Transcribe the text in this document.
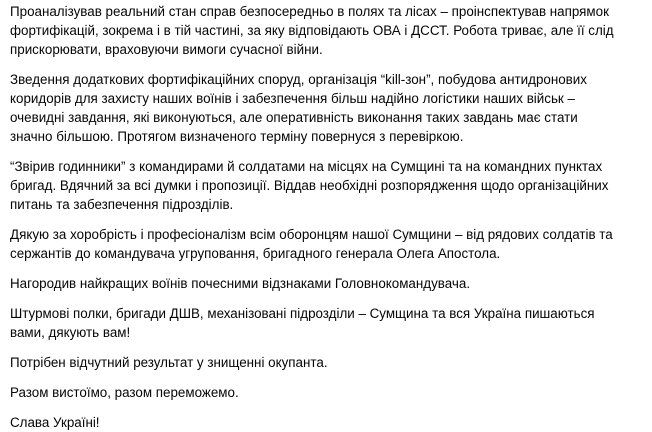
Проаналізував реальний стан справ безпосередньо в полях та лісах – проінспектував напрямок
фортифікацій, зокрема і в тій частині, за яку відповідають ОВА і ДССТ. Робота триває, але її слід
прискорювати, враховуючи вимоги сучасної війни.

Зведення додаткових фортифікаційних споруд, організація “kill-зон”, побудова антидронових
коридорів для захисту наших воїнів і забезпечення більш надійно логістики наших військ –
очевидні завдання, які виконуються, але оперативність виконання таких завдань має стати
значно більшою. Протягом визначеного терміну повернуся з перевіркою.

“Звірив годинники” з командирами й солдатами на місцях на Сумщині та на командних пунктах
бригад. Вдячний за всі думки і пропозиції. Віддав необхідні розпорядження щодо організаційних
питань та забезпечення підрозділів.

Дякую за хоробрість і професіоналізм всім оборонцям нашої Сумщини – від рядових солдатів та
сержантів до командувача угруповання, бригадного генерала Олега Апостола.

Нагородив найкращих воїнів почесними відзнаками Головнокомандувача.

Штурмові полки, бригади ДШВ, механізовані підрозділи – Сумщина та вся Україна пишаються
вами, дякують вам!

Потрібен відчутний результат у знищенні окупанта.

Разом вистоїмо, разом переможемо.

Слава Україні!
